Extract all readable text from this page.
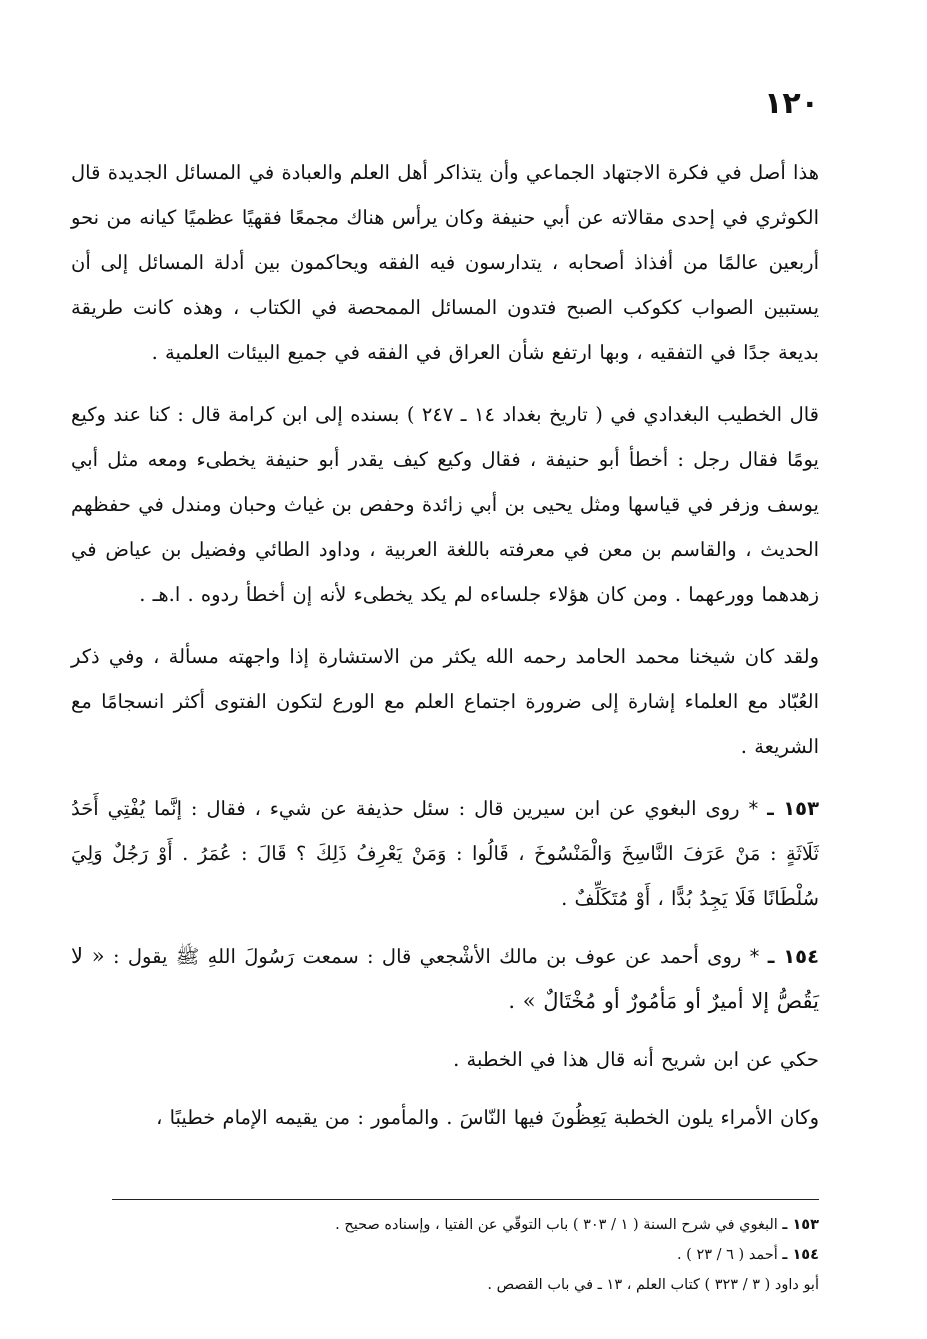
١٢٠

هذا أصل في فكرة الاجتهاد الجماعي وأن يتذاكر أهل العلم والعبادة في المسائل الجديدة قال الكوثري في إحدى مقالاته عن أبي حنيفة وكان يرأس هناك مجمعًا فقهيًا عظميًا كيانه من نحو أربعين عالمًا من أفذاذ أصحابه ، يتدارسون فيه الفقه ويحاكمون بين أدلة المسائل إلى أن يستبين الصواب ككوكب الصبح فتدون المسائل الممحصة في الكتاب ، وهذه كانت طريقة بديعة جدًا في التفقيه ، وبها ارتفع شأن العراق في الفقه في جميع البيئات العلمية .

قال الخطيب البغدادي في ( تاريخ بغداد ١٤ ـ ٢٤٧ ) بسنده إلى ابن كرامة قال : كنا عند وكيع يومًا فقال رجل : أخطأ أبو حنيفة ، فقال وكيع كيف يقدر أبو حنيفة يخطىء ومعه مثل أبي يوسف وزفر في قياسها ومثل يحيى بن أبي زائدة وحفص بن غياث وحبان ومندل في حفظهم الحديث ، والقاسم بن معن في معرفته باللغة العربية ، وداود الطائي وفضيل بن عياض في زهدهما وورعهما . ومن كان هؤلاء جلساءه لم يكد يخطىء لأنه إن أخطأ ردوه . ا.هـ .

ولقد كان شيخنا محمد الحامد رحمه الله يكثر من الاستشارة إذا واجهته مسألة ، وفي ذكر العُبّاد مع العلماء إشارة إلى ضرورة اجتماع العلم مع الورع لتكون الفتوى أكثر انسجامًا مع الشريعة .

١٥٣ ـ * روى البغوي عن ابن سيرين قال : سئل حذيفة عن شيء ، فقال : إنَّما يُفْتِي أَحَدُ ثَلَاثَةٍ : مَنْ عَرَفَ النَّاسِخَ وَالْمَنْسُوخَ ، قَالُوا : وَمَنْ يَعْرِفُ ذَلِكَ ؟ قَالَ : عُمَرُ . أَوْ رَجُلٌ وَلِيَ سُلْطَانًا فَلَا يَجِدُ بُدًّا ، أَوْ مُتَكَلِّفٌ .

١٥٤ ـ * روى أحمد عن عوف بن مالك الأشْجعي قال : سمعت رَسُولَ اللهِ ﷺ يقول : « لا يَقُصُّ إلا أميرٌ أو مَأمُورٌ أو مُخْتَالٌ » .

حكي عن ابن شريح أنه قال هذا في الخطبة .

وكان الأمراء يلون الخطبة يَعِظُونَ فيها النّاسَ . والمأمور : من يقيمه الإمام خطيبًا ،

١٥٣ ـ البغوي في شرح السنة ( ١ / ٣٠٣ ) باب التوقّي عن الفتيا ، وإسناده صحيح .
١٥٤ ـ أحمد ( ٦ / ٢٣ ) .
أبو داود ( ٣ / ٣٢٣ ) كتاب العلم ، ١٣ ـ في باب القصص .
